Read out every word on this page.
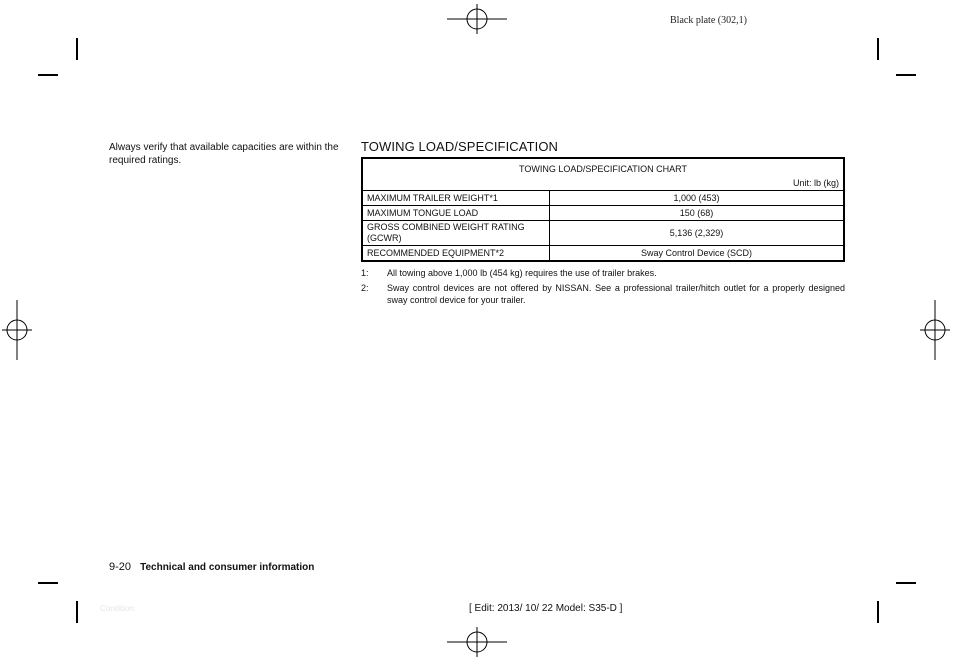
Black plate (302,1)
Always verify that available capacities are within the required ratings.
TOWING LOAD/SPECIFICATION
TOWING LOAD/SPECIFICATION CHART	
Unit: lb (kg)	
MAXIMUM TRAILER WEIGHT*1	1,000 (453)
MAXIMUM TONGUE LOAD	150 (68)
GROSS COMBINED WEIGHT RATING (GCWR)	5,136 (2,329)
RECOMMENDED EQUIPMENT*2	Sway Control Device (SCD)
1:	All towing above 1,000 lb (454 kg) requires the use of trailer brakes.
2:	Sway control devices are not offered by NISSAN. See a professional trailer/hitch outlet for a properly designed sway control device for your trailer.
9-20 Technical and consumer information
Condition:	[ Edit: 2013/ 10/ 22 Model: S35-D ]
